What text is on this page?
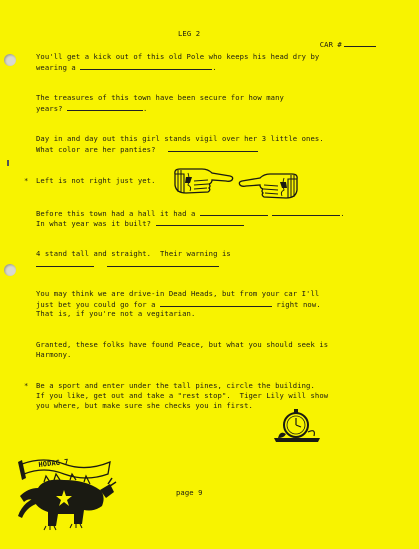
LEG 2

CAR #

You'll get a kick out of this old Pole who keeps his head dry by
wearing a	.
The treasures of this town have been secure for how many
years?	.
Day in and day out this girl stands vigil over her 3 little ones.
What color are her panties?
* Left is not right just yet.
Before this town had a hall it had a	.
In what year was it built?
4 stand tall and straight.  Their warning is

You may think we are drive-in Dead Heads, but from your car I'll
just bet you could go for a	right now.
That is, if you're not a vegitarian.
Granted, these folks have found Peace, but what you should seek is
Harmony.
* Be a sport and enter under the tall pines, circle the building.
If you like, get out and take a "rest stop".  Tiger Lily will show
you where, but make sure she checks you in first.
HODAG 7
page 9
